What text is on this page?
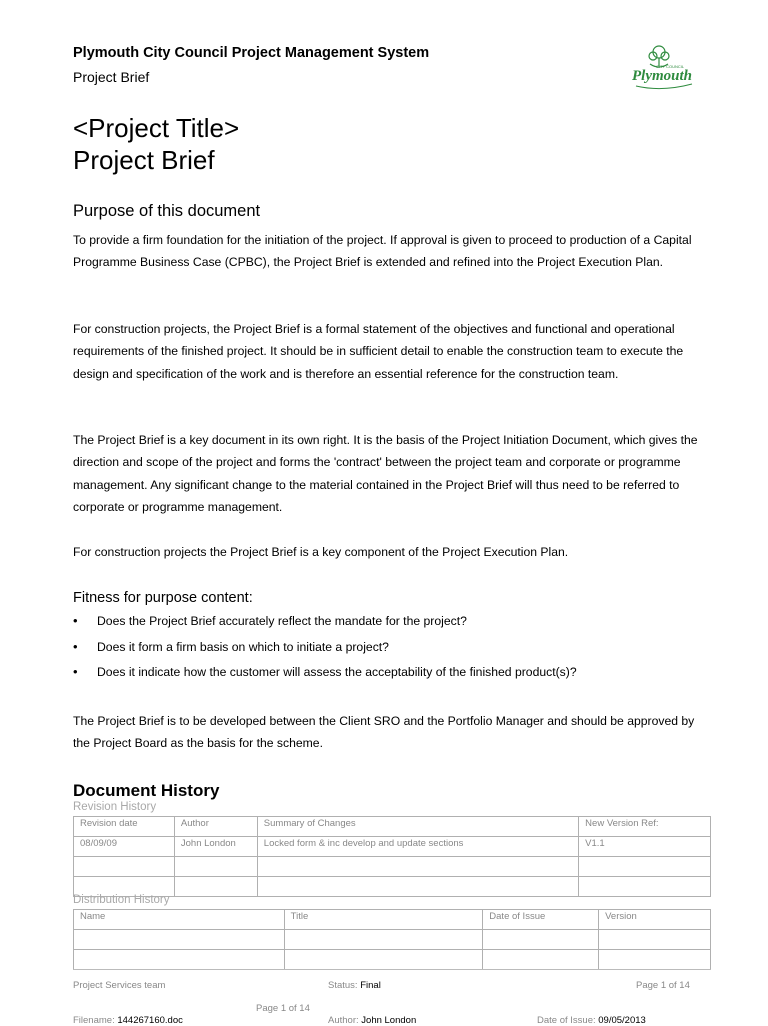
Plymouth City Council Project Management System
Project Brief
CITY COUNCIL
Plymouth
<Project Title>
Project Brief
Purpose of this document
To provide a firm foundation for the initiation of the project. If approval is given to proceed to production of a Capital Programme Business Case (CPBC), the Project Brief is extended and refined into the Project Execution Plan.
For construction projects, the Project Brief is a formal statement of the objectives and functional and operational requirements of the finished project. It should be in sufficient detail to enable the construction team to execute the design and specification of the work and is therefore an essential reference for the construction team.
The Project Brief is a key document in its own right. It is the basis of the Project Initiation Document, which gives the direction and scope of the project and forms the 'contract' between the project team and corporate or programme management. Any significant change to the material contained in the Project Brief will thus need to be referred to corporate or programme management.
For construction projects the Project Brief is a key component of the Project Execution Plan.
Fitness for purpose content:
• Does the Project Brief accurately reflect the mandate for the project?
• Does it form a firm basis on which to initiate a project?
• Does it indicate how the customer will assess the acceptability of the finished product(s)?
The Project Brief is to be developed between the Client SRO and the Portfolio Manager and should be approved by the Project Board as the basis for the scheme.
Document History
Revision History
Revision date	Author	Summary of Changes	New Version Ref:
08/09/09	John London	Locked form & inc develop and update sections	V1.1

Distribution History
Name	Title	Date of Issue	Version

Project Services team	Status: Final	Page 1 of 14
Page 1 of 14
Filename: 144267160.doc	Author: John London	Date of Issue: 09/05/2013
